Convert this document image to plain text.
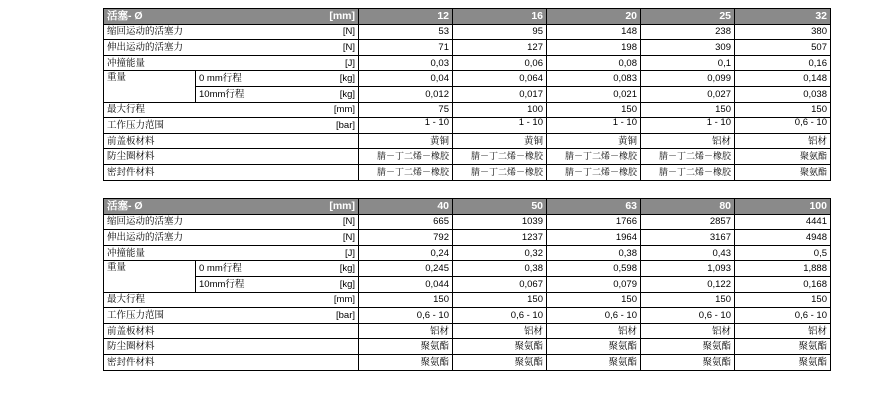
活塞- Ø		[mm]	12	16	20	25	32
缩回运动的活塞力		[N]	53	95	148	238	380
伸出运动的活塞力		[N]	71	127	198	309	507
冲撞能量		[J]	0,03	0,06	0,08	0,1	0,16
重量	0 mm行程	[kg]	0,04	0,064	0,083	0,099	0,148
	10mm行程	[kg]	0,012	0,017	0,021	0,027	0,038
最大行程		[mm]	75	100	150	150	150
工作压力范围		[bar]	1 - 10	1 - 10	1 - 10	1 - 10	0,6 - 10
前盖板材料			黄铜	黄铜	黄铜	铝材	铝材
防尘圈材料			腈－丁二烯－橡胶	腈－丁二烯－橡胶	腈－丁二烯－橡胶	腈－丁二烯－橡胶	聚氨酯
密封件材料			腈－丁二烯－橡胶	腈－丁二烯－橡胶	腈－丁二烯－橡胶	腈－丁二烯－橡胶	聚氨酯
活塞- Ø		[mm]	40	50	63	80	100
缩回运动的活塞力		[N]	665	1039	1766	2857	4441
伸出运动的活塞力		[N]	792	1237	1964	3167	4948
冲撞能量		[J]	0,24	0,32	0,38	0,43	0,5
重量	0 mm行程	[kg]	0,245	0,38	0,598	1,093	1,888
	10mm行程	[kg]	0,044	0,067	0,079	0,122	0,168
最大行程		[mm]	150	150	150	150	150
工作压力范围		[bar]	0,6 - 10	0,6 - 10	0,6 - 10	0,6 - 10	0,6 - 10
前盖板材料			铝材	铝材	铝材	铝材	铝材
防尘圈材料			聚氨酯	聚氨酯	聚氨酯	聚氨酯	聚氨酯
密封件材料			聚氨酯	聚氨酯	聚氨酯	聚氨酯	聚氨酯
